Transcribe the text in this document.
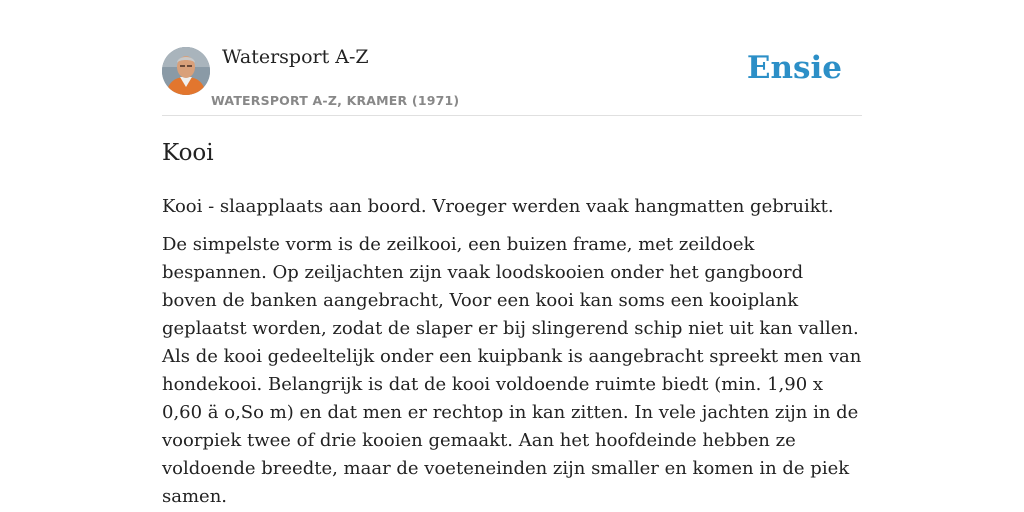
Watersport A-Z
WATERSPORT A-Z, KRAMER (1971)
Ensie
Kooi

Kooi - slaapplaats aan boord. Vroeger werden vaak hangmatten gebruikt.

De simpelste vorm is de zeilkooi, een buizen frame, met zeildoek bespannen. Op zeiljachten zijn vaak loodskooien onder het gangboord boven de banken aangebracht, Voor een kooi kan soms een kooiplank geplaatst worden, zodat de slaper er bij slingerend schip niet uit kan vallen. Als de kooi gedeeltelijk onder een kuipbank is aangebracht spreekt men van hondekooi. Belangrijk is dat de kooi voldoende ruimte biedt (min. 1,90 x 0,60 ä o,So m) en dat men er rechtop in kan zitten. In vele jachten zijn in de voorpiek twee of drie kooien gemaakt. Aan het hoofdeinde hebben ze voldoende breedte, maar de voeteneinden zijn smaller en komen in de piek samen.
